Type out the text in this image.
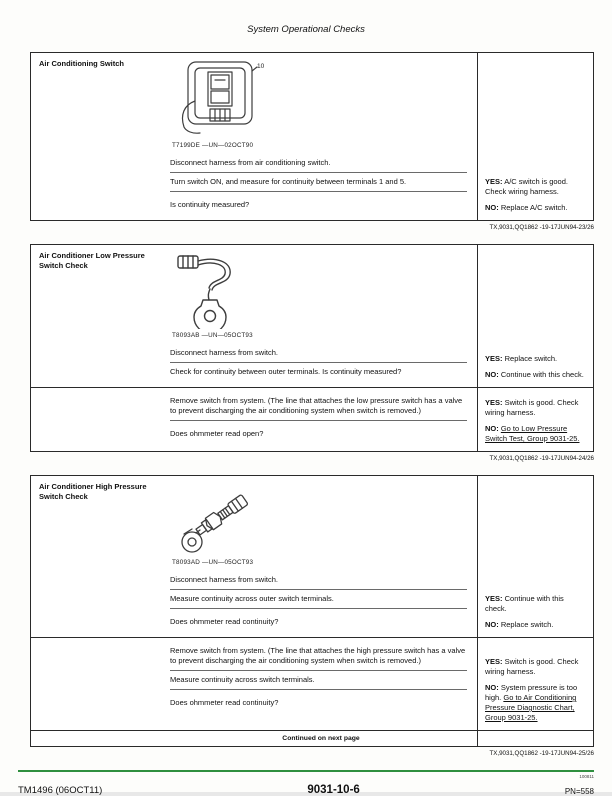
System Operational Checks
Air Conditioning Switch	10
T7199DE —UN—02OCT90
Disconnect harness from air conditioning switch.
Turn switch ON, and measure for continuity between terminals 1 and 5.
Is continuity measured?
YES: A/C switch is good. Check wiring harness.
NO: Replace A/C switch.
TX,9031,QQ1862 -19-17JUN94-23/26
Air Conditioner Low Pressure Switch Check
T8093AB —UN—05OCT93
Disconnect harness from switch.
Check for continuity between outer terminals. Is continuity measured?
YES: Replace switch.
NO: Continue with this check.
Remove switch from system. (The line that attaches the low pressure switch has a valve to prevent discharging the air conditioning system when switch is removed.)
Does ohmmeter read open?
YES: Switch is good. Check wiring harness.
NO: Go to Low Pressure Switch Test, Group 9031-25.
TX,9031,QQ1862 -19-17JUN94-24/26
Air Conditioner High Pressure Switch Check
T8093AD —UN—05OCT93
Disconnect harness from switch.
Measure continuity across outer switch terminals.
Does ohmmeter read continuity?
YES: Continue with this check.
NO: Replace switch.
Remove switch from system. (The line that attaches the high pressure switch has a valve to prevent discharging the air conditioning system when switch is removed.)
Measure continuity across switch terminals.
Does ohmmeter read continuity?
YES: Switch is good. Check wiring harness.
NO: System pressure is too high. Go to Air Conditioning Pressure Diagnostic Chart, Group 9031-25.
Continued on next page
TX,9031,QQ1862 -19-17JUN94-25/26
100811
TM1496 (06OCT11)	9031-10-6	PN=558
